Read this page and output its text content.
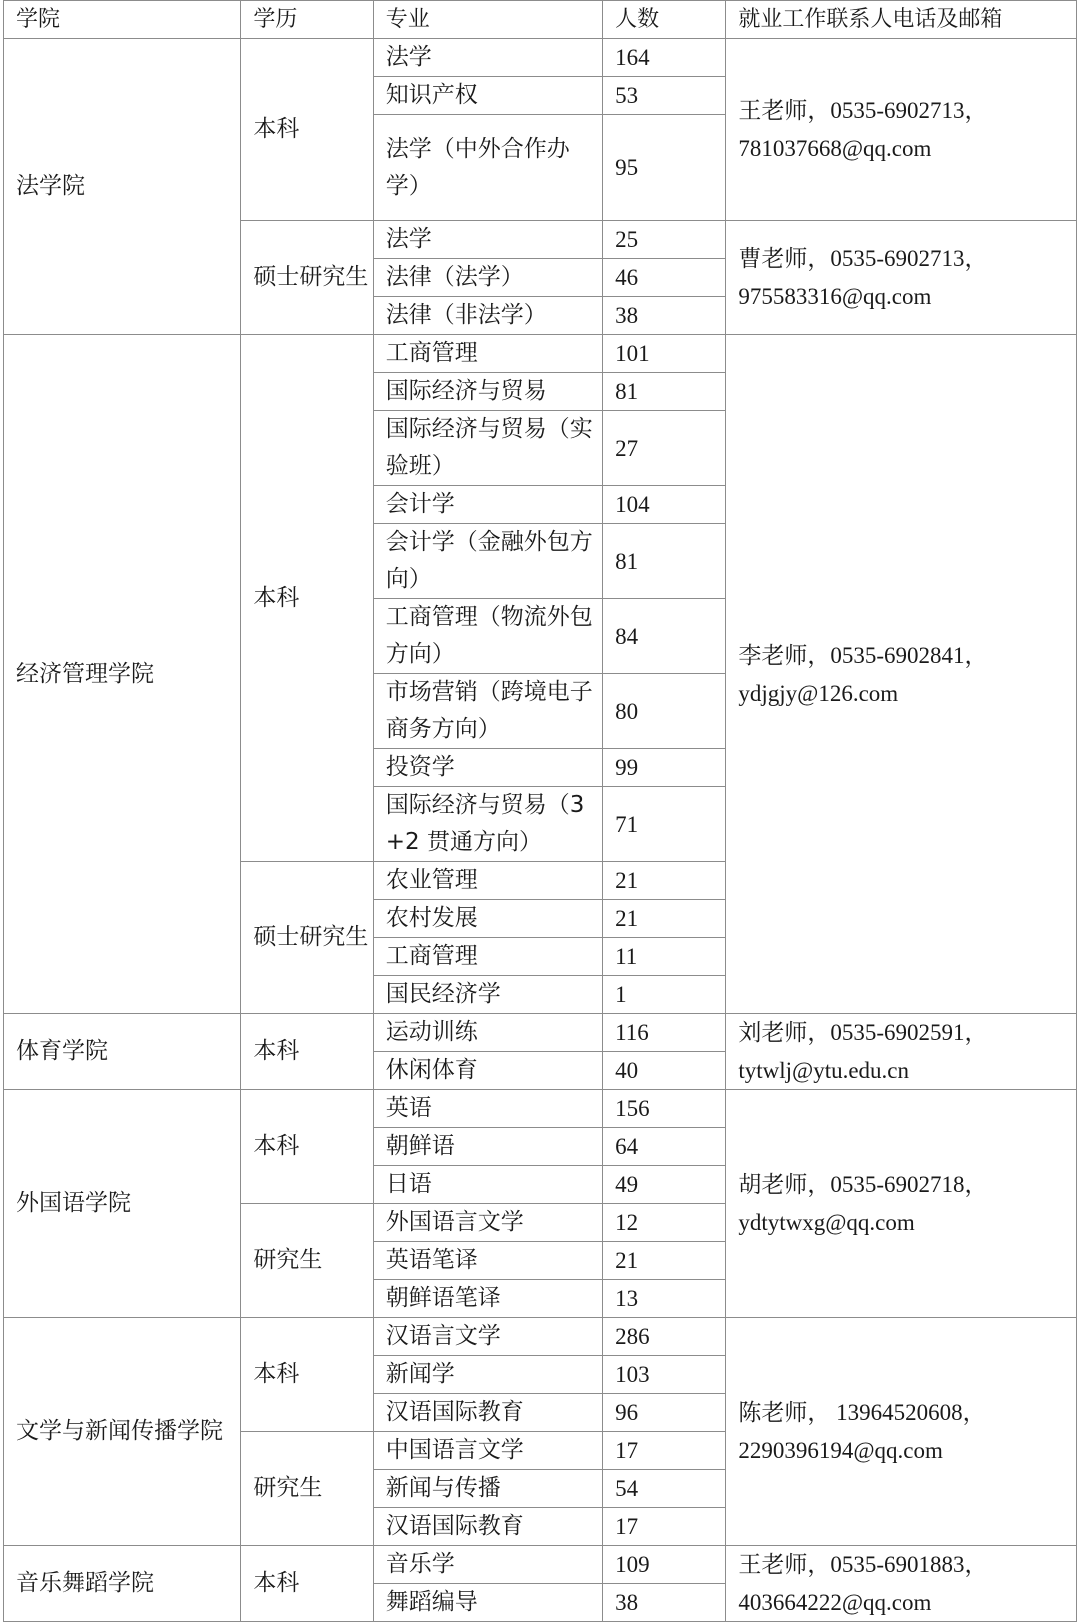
学院	学历	专业	人数	就业工作联系人电话及邮箱
法学院	本科	法学	164	王老师，0535-6902713，
781037668@qq.com
		知识产权	53	
		法学（中外合作办学）	95	
	硕士研究生	法学	25	曹老师，0535-6902713，
975583316@qq.com
		法律（法学）	46	
		法律（非法学）	38	
经济管理学院	本科	工商管理	101	李老师，0535-6902841，
ydjgjy@126.com
		国际经济与贸易	81	
		国际经济与贸易（实验班）	27	
		会计学	104	
		会计学（金融外包方向）	81	
		工商管理（物流外包方向）	84	
		市场营销（跨境电子商务方向）	80	
		投资学	99	
		国际经济与贸易（3+2 贯通方向）	71	
	硕士研究生	农业管理	21	
		农村发展	21	
		工商管理	11	
		国民经济学	1	
体育学院	本科	运动训练	116	刘老师，0535-6902591，
tytwlj@ytu.edu.cn
		休闲体育	40	
外国语学院	本科	英语	156	胡老师，0535-6902718，
ydtytwxg@qq.com
		朝鲜语	64	
		日语	49	
	研究生	外国语言文学	12	
		英语笔译	21	
		朝鲜语笔译	13	
文学与新闻传播学院	本科	汉语言文学	286	陈老师， 13964520608，
2290396194@qq.com
		新闻学	103	
		汉语国际教育	96	
	研究生	中国语言文学	17	
		新闻与传播	54	
		汉语国际教育	17	
音乐舞蹈学院	本科	音乐学	109	王老师，0535-6901883，
403664222@qq.com
		舞蹈编导	38	
